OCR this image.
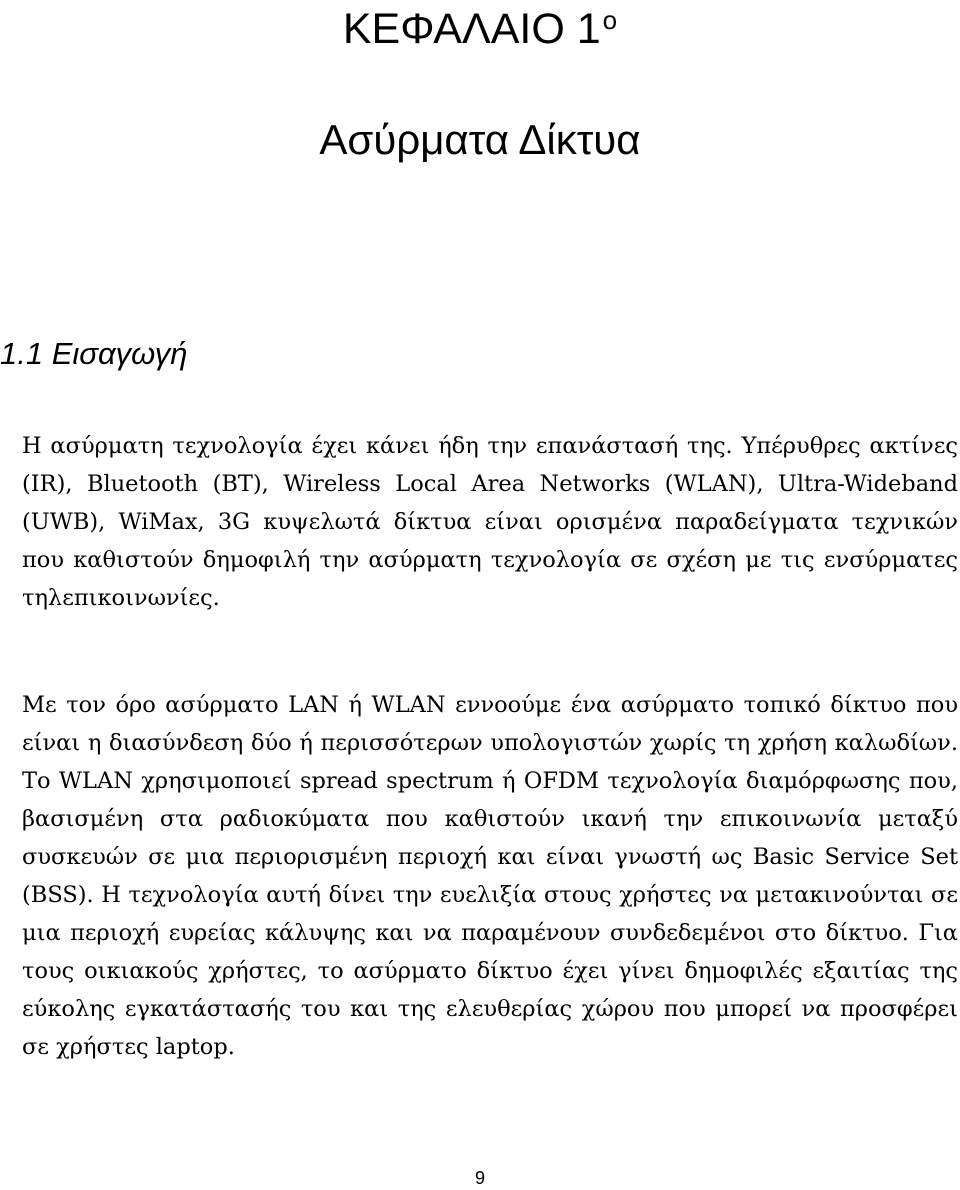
ΚΕΦΑΛΑΙΟ $1^o$
Ασύρματα Δίκτυα
1.1 Εισαγωγή

Η ασύρματη τεχνολογία έχει κάνει ήδη την επανάστασή της. Υπέρυθρες ακτίνες (IR), Bluetooth (BT), Wireless Local Area Networks (WLAN), Ultra-Wideband (UWB), WiMax, 3G κυψελωτά δίκτυα είναι ορισμένα παραδείγματα τεχνικών που καθιστούν δημοφιλή την ασύρματη τεχνολογία σε σχέση με τις ενσύρματες τηλεπικοινωνίες.

Με τον όρο ασύρματο LAN ή WLAN εννοούμε ένα ασύρματο τοπικό δίκτυο που είναι η διασύνδεση δύο ή περισσότερων υπολογιστών χωρίς τη χρήση καλωδίων. Το WLAN χρησιμοποιεί spread spectrum ή OFDM τεχνολογία διαμόρφωσης που, βασισμένη στα ραδιοκύματα που καθιστούν ικανή την επικοινωνία μεταξύ συσκευών σε μια περιορισμένη περιοχή και είναι γνωστή ως Basic Service Set (BSS). Η τεχνολογία αυτή δίνει την ευελιξία στους χρήστες να μετακινούνται σε μια περιοχή ευρείας κάλυψης και να παραμένουν συνδεδεμένοι στο δίκτυο. Για τους οικιακούς χρήστες, το ασύρματο δίκτυο έχει γίνει δημοφιλές εξαιτίας της εύκολης εγκατάστασής του και της ελευθερίας χώρου που μπορεί να προσφέρει σε χρήστες laptop.

9
